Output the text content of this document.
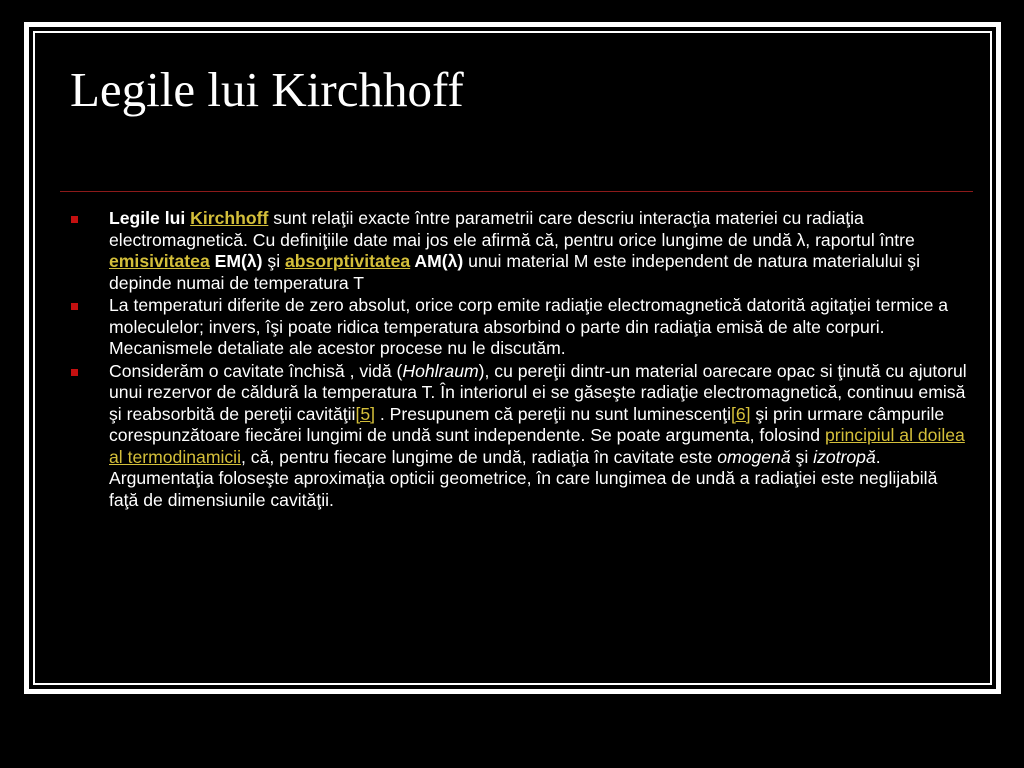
Legile lui Kirchhoff
Legile lui Kirchhoff sunt relaţii exacte între parametrii care descriu interacţia materiei cu radiaţia electromagnetică. Cu definiţiile date mai jos ele afirmă că, pentru orice lungime de undă λ, raportul între emisivitatea EM(λ) şi absorptivitatea AM(λ) unui material M este independent de natura materialului şi depinde numai de temperatura T
La temperaturi diferite de zero absolut, orice corp emite radiaţie electromagnetică datorită agitaţiei termice a moleculelor; invers, îşi poate ridica temperatura absorbind o parte din radiaţia emisă de alte corpuri. Mecanismele detaliate ale acestor procese nu le discutăm.
Considerăm o cavitate închisă , vidă (Hohlraum), cu pereţii dintr-un material oarecare opac si ţinută cu ajutorul unui rezervor de căldură la temperatura T. În interiorul ei se găseşte radiaţie electromagnetică, continuu emisă şi reabsorbită de pereţii cavităţii[5] . Presupunem că pereţii nu sunt luminescenţi[6] şi prin urmare câmpurile corespunzătoare fiecărei lungimi de undă sunt independente. Se poate argumenta, folosind principiul al doilea al termodinamicii, că, pentru fiecare lungime de undă, radiaţia în cavitate este omogenă şi izotropă. Argumentaţia foloseşte aproximaţia opticii geometrice, în care lungimea de undă a radiaţiei este neglijabilă faţă de dimensiunile cavităţii.
